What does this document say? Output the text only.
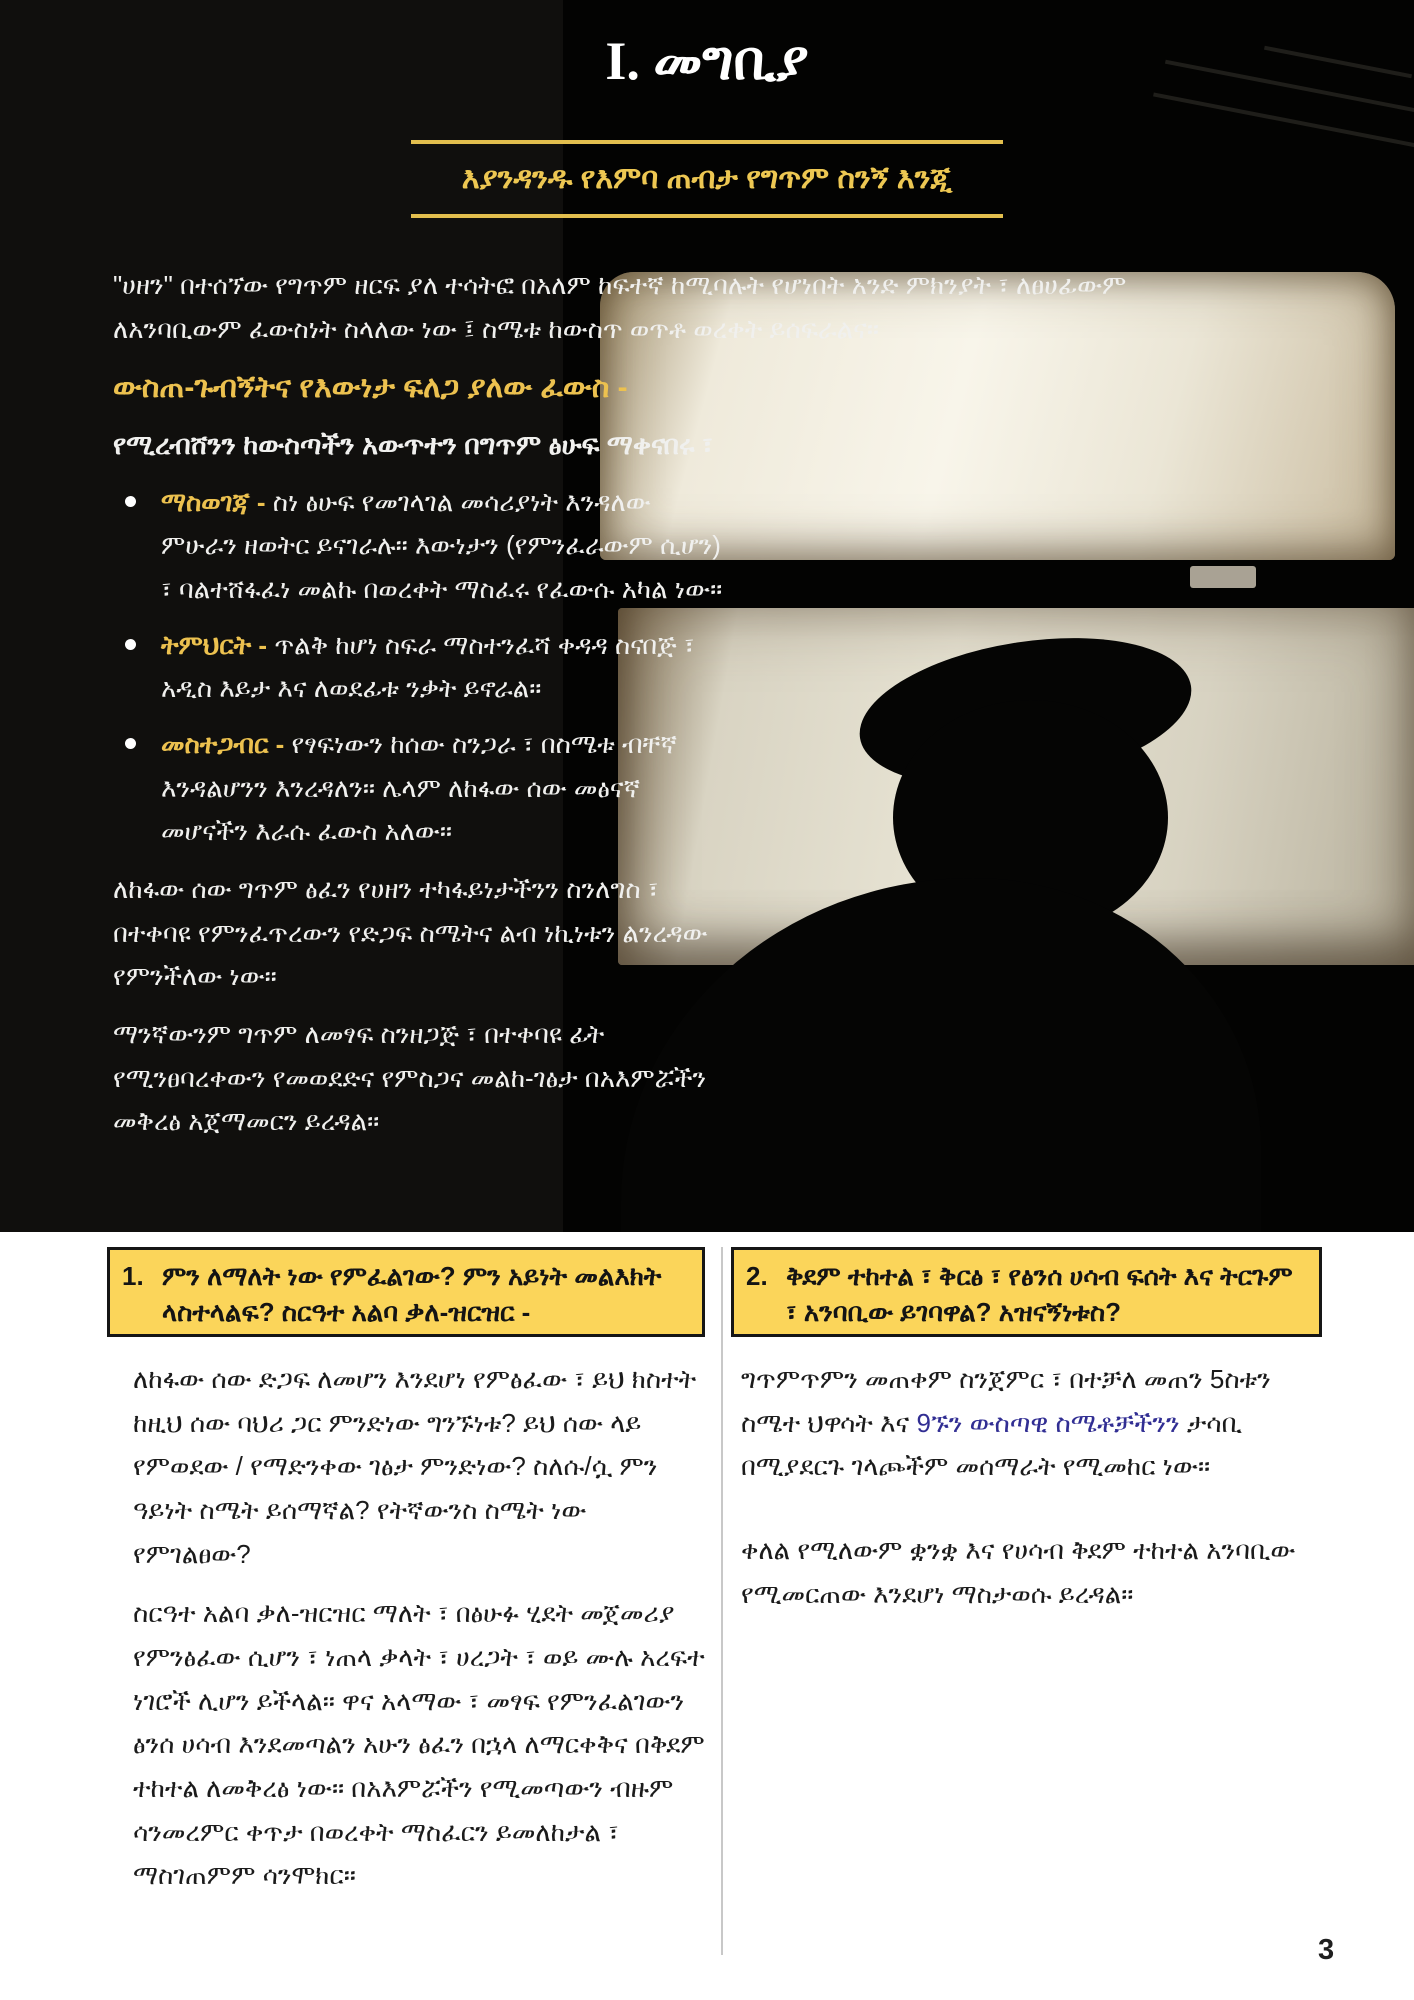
I. መግቢያ
እያንዳንዱ የእምባ ጠብታ የግጥም ስንኝ እንጂ

"ሀዘን" በተሰኘው የግጥም ዘርፍ ያለ ተሳትፎ በአለም ከፍተኛ ከሚባሉት የሆነበት አንድ ምክንያት ፣ ለፀሀፊውም ለአንባቢውም ፈውስነት ስላለው ነው ፤ ስሜቱ ከውስጥ ወጥቶ ወረቀት ይሰፍራልና።

ውስጠ-ጉብኝትና የእውነታ ፍለጋ ያለው ፈውስ -

የሚረብሸንን ከውስጣችን አውጥተን በግጥም ፅሁፍ ማቀናበሩ ፣

ማስወገጃ - ስነ ፅሁፍ የመገላገል መሳሪያነት እንዳለው ምሁራን ዘወትር ይናገራሉ። እውነታን (የምንፈራውም ሲሆን) ፣ ባልተሸፋፈነ መልኩ በወረቀት ማስፈሩ የፈውሱ አካል ነው።
ትምህርት - ጥልቅ ከሆነ ስፍራ ማስተንፈሻ ቀዳዳ ስናበጅ ፣ አዲስ እይታ እና ለወደፊቱ ንቃት ይኖራል።
መስተጋብር - የፃፍነውን ከሰው ስንጋራ ፣ በስሜቱ ብቸኛ እንዳልሆንን እንረዳለን። ሌላም ለከፋው ሰው መፅናኛ መሆናችን እራሱ ፈውስ አለው።

ለከፋው ሰው ግጥም ፅፈን የሀዘን ተካፋይነታችንን ስንለግስ ፣ በተቀባዩ የምንፈጥረውን የድጋፍ ስሜትና ልብ ነኪነቱን ልንረዳው የምንችለው ነው።

ማንኛውንም ግጥም ለመፃፍ ስንዘጋጅ ፣ በተቀባዩ ፊት የሚንፀባረቀውን የመወደድና የምስጋና መልከ-ገፅታ በአእምሯችን መቅረፅ አጀማመርን ይረዳል።

1. ምን ለማለት ነው የምፈልገው? ምን አይነት መልእክት ላስተላልፍ? ስርዓተ አልባ ቃለ-ዝርዝር -
2. ቅደም ተከተል ፣ ቅርፅ ፣ የፅንሰ ሀሳብ ፍሰት እና ትርጉም ፣ አንባቢው ይገባዋል? አዝናኝነቱስ?

ለከፋው ሰው ድጋፍ ለመሆን እንደሆነ የምፅፈው ፣ ይህ ክስተት ከዚህ ሰው ባህሪ ጋር ምንድነው ግንኙነቱ? ይህ ሰው ላይ የምወደው / የማድንቀው ገፅታ ምንድነው? ስለሱ/ሷ ምን ዓይነት ስሜት ይሰማኛል? የትኛውንስ ስሜት ነው የምገልፀው?

ስርዓተ አልባ ቃለ-ዝርዝር ማለት ፣ በፅሁፉ ሂደት መጀመሪያ የምንፅፈው ሲሆን ፣ ነጠላ ቃላት ፣ ሀረጋት ፣ ወይ ሙሉ አረፍተ ነገሮች ሊሆን ይችላል። ዋና አላማው ፣ መፃፍ የምንፈልገውን ፅንሰ ሀሳብ እንደመጣልን አሁን ፅፈን በኋላ ለማርቀቅና በቅደም ተከተል ለመቅረፅ ነው። በአእምሯችን የሚመጣውን ብዙም ሳንመረምር ቀጥታ በወረቀት ማስፈርን ይመለከታል ፣ ማስገጠምም ሳንሞክር።

ግጥምጥምን መጠቀም ስንጀምር ፣ በተቻለ መጠን 5ስቱን ስሜተ ህዋሳት እና 9ኙን ውስጣዊ ስሜቶቻችንን ታሳቢ በሚያደርጉ ገላጮችም መሰማራት የሚመከር ነው።

ቀለል የሚለውም ቋንቋ እና የሀሳብ ቅደም ተከተል አንባቢው የሚመርጠው እንደሆነ ማስታወሱ ይረዳል።

3
